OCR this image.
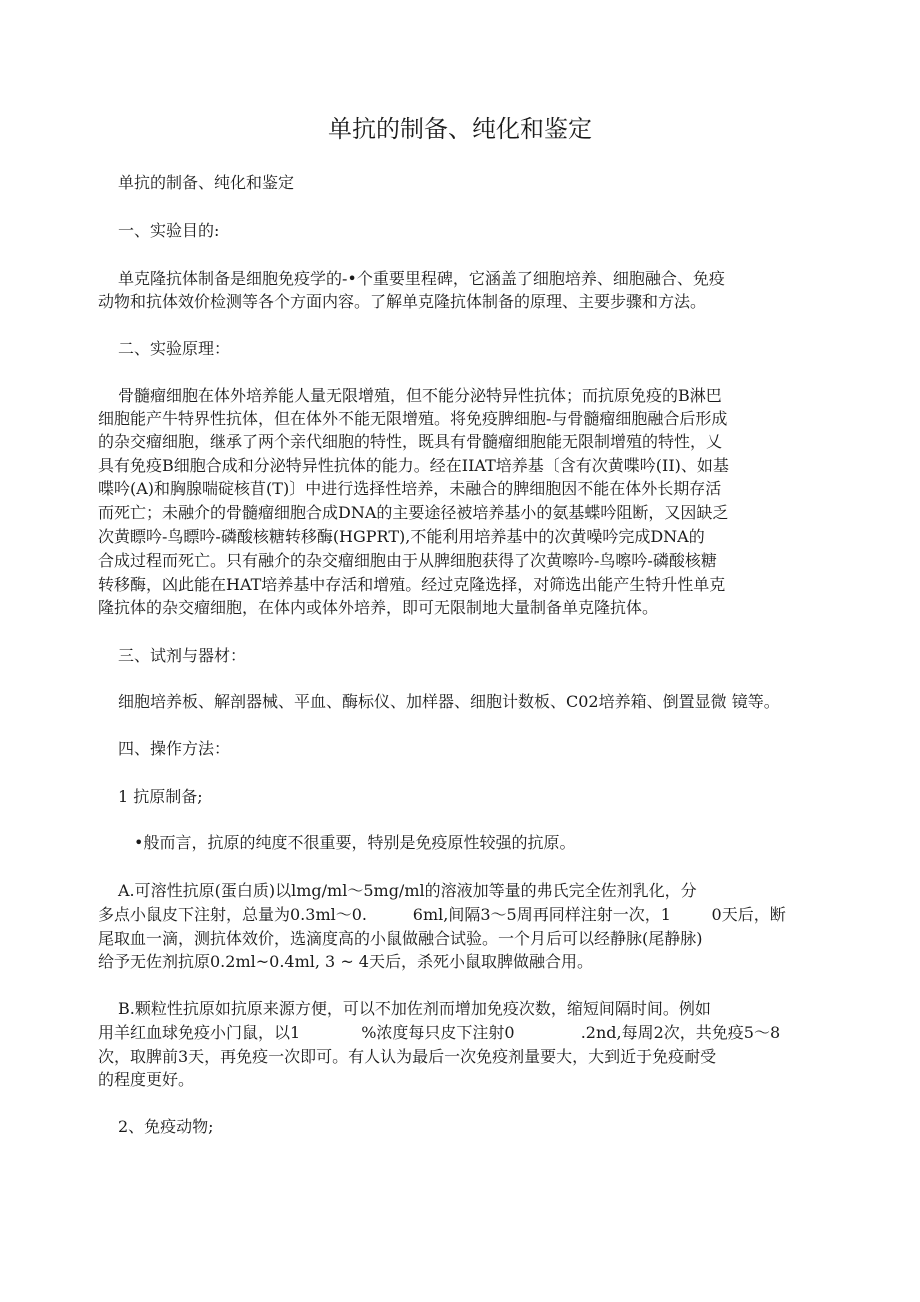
单抗的制备、纯化和鉴定

单抗的制备、纯化和鉴定

一、实验目的:

单克隆抗体制备是细胞免疫学的-•个重要里程碑，它涵盖了细胞培养、细胞融合、免疫

动物和抗体效价检测等各个方面内容。了解单克隆抗体制备的原理、主要步骤和方法。

二、实验原理：

骨髓瘤细胞在体外培养能人量无限增殖，但不能分泌特异性抗体；而抗原免疫的B淋巴

细胞能产牛特界性抗体，但在体外不能无限增殖。将免疫脾细胞-与骨髓瘤细胞融合后形成

的杂交瘤细胞，继承了两个亲代细胞的特性，既具有骨髓瘤细胞能无限制增殖的特性，乂

具有免疫B细胞合成和分泌特异性抗体的能力。经在IIAT培养基〔含有次黄喋吟(II)、如基

喋吟(A)和胸腺喘碇核苜(T)〕中进行选择性培养，未融合的脾细胞因不能在体外长期存活

而死亡；未融介的骨髓瘤细胞合成DNA的主要途径被培养基小的氨基蝶吟阻断，又因缺乏

次黄瞟吟-鸟瞟吟-磷酸核糖转移酶(HGPRT),不能利用培养基中的次黄噪吟完成DNA的

合成过程而死亡。只有融介的杂交瘤细胞由于从脾细胞获得了次黄嚓吟-鸟嚓吟-磷酸核糖

转移酶，凶此能在HAT培养基中存活和增殖。经过克隆选择，对筛选出能产生特升性单克

隆抗体的杂交瘤细胞，在体内或体外培养，即可无限制地大量制备单克隆抗体。

三、试剂与器材：

细胞培养板、解剖器械、平血、酶标仪、加样器、细胞计数板、C02培养箱、倒置显微 镜等。

四、操作方法：

1 抗原制备;

•般而言，抗原的纯度不很重要，特别是免疫原性较强的抗原。

A.可溶性抗原(蛋白质)以lmg/ml～5mg/ml的溶液加等量的弗氏完全佐剂乳化，分

多点小鼠皮下注射，总量为0.3ml～0.         6ml,间隔3～5周再同样注射一次，1        0天后，断

尾取血一滴，测抗体效价，选滴度高的小鼠做融合试验。一个月后可以经静脉(尾静脉)

给予无佐剂抗原0.2ml~0.4ml, 3 ~ 4天后，杀死小鼠取脾做融合用。

B.颗粒性抗原如抗原来源方便，可以不加佐剂而增加免疫次数，缩短间隔时间。例如

用羊红血球免疫小门鼠，以1            %浓度每只皮下注射0             .2nd,每周2次，共免疫5～8

次，取脾前3天，再免疫一次即可。有人认为最后一次免疫剂量要大，大到近于免疫耐受

的程度更好。

2、免疫动物;
